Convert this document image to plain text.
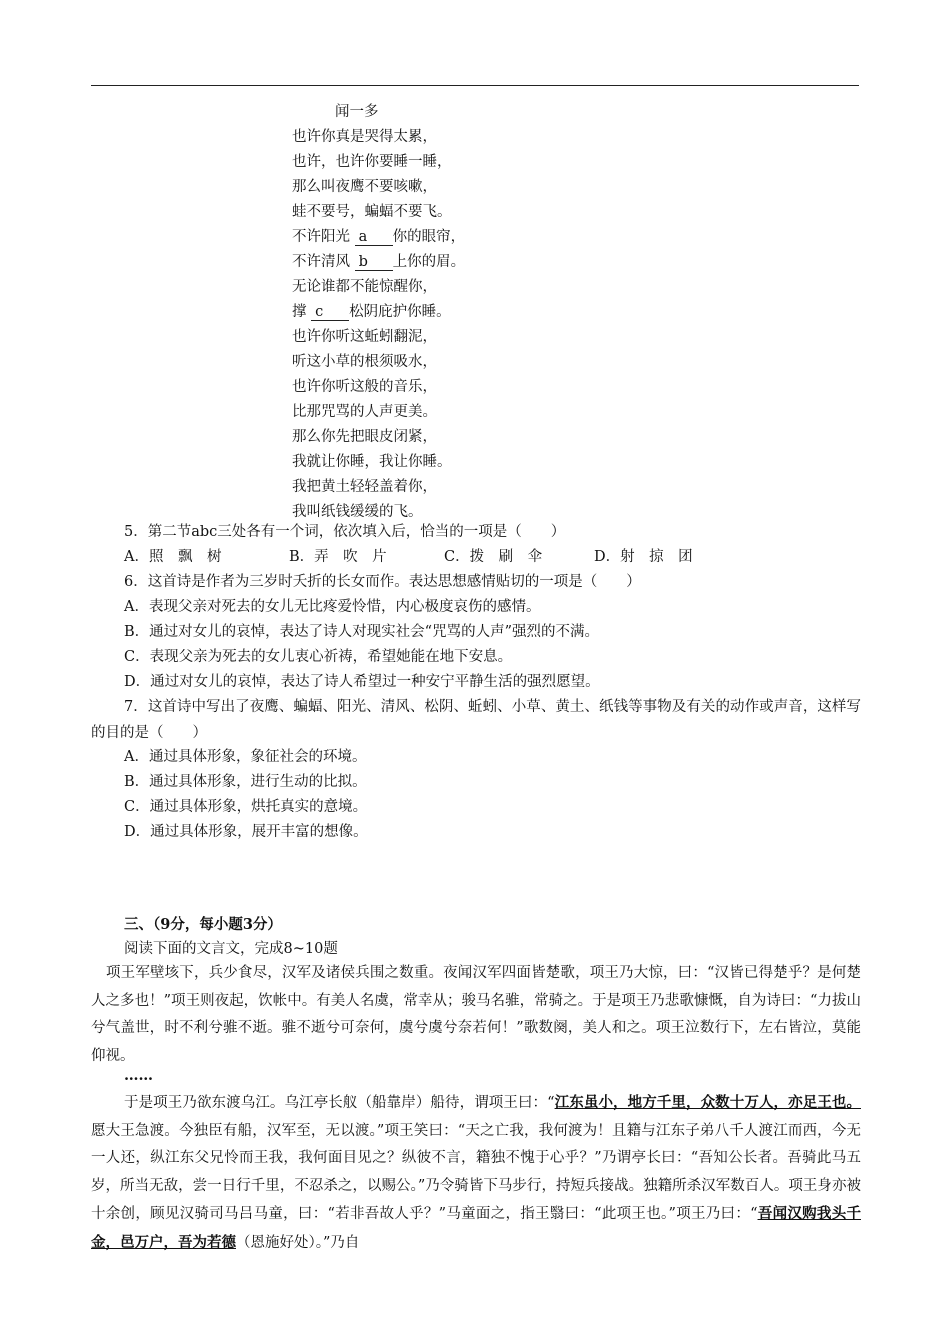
闻一多
也许你真是哭得太累，
也许，也许你要睡一睡，
那么叫夜鹰不要咳嗽，
蛙不要号，蝙蝠不要飞。
不许阳光 a 你的眼帘，
不许清风 b 上你的眉。
无论谁都不能惊醒你，
撑 c 松阴庇护你睡。
也许你听这蚯蚓翻泥，
听这小草的根须吸水，
也许你听这般的音乐，
比那咒骂的人声更美。
那么你先把眼皮闭紧，
我就让你睡，我让你睡。
我把黄土轻轻盖着你，
我叫纸钱缓缓的飞。
5．第二节abc三处各有一个词，依次填入后，恰当的一项是（　　）
A．照　飘　树	B．弄　吹　片	C．拨　刷　伞	D．射　掠　团
6．这首诗是作者为三岁时夭折的长女而作。表达思想感情贴切的一项是（　　）
A．表现父亲对死去的女儿无比疼爱怜惜，内心极度哀伤的感情。
B．通过对女儿的哀悼，表达了诗人对现实社会“咒骂的人声”强烈的不满。
C．表现父亲为死去的女儿衷心祈祷，希望她能在地下安息。
D．通过对女儿的哀悼，表达了诗人希望过一种安宁平静生活的强烈愿望。
7．这首诗中写出了夜鹰、蝙蝠、阳光、清风、松阴、蚯蚓、小草、黄土、纸钱等事物及有关的动作或声音，这样写的目的是（　　）
A．通过具体形象，象征社会的环境。
B．通过具体形象，进行生动的比拟。
C．通过具体形象，烘托真实的意境。
D．通过具体形象，展开丰富的想像。
三、（9分，每小题3分）
阅读下面的文言文，完成8~10题
项王军壁垓下，兵少食尽，汉军及诸侯兵围之数重。夜闻汉军四面皆楚歌，项王乃大惊，曰：“汉皆已得楚乎？是何楚人之多也！”项王则夜起，饮帐中。有美人名虞，常幸从；骏马名骓，常骑之。于是项王乃悲歌慷慨，自为诗曰：“力拔山兮气盖世，时不利兮骓不逝。骓不逝兮可奈何，虞兮虞兮奈若何！”歌数阕，美人和之。项王泣数行下，左右皆泣，莫能仰视。
……
于是项王乃欲东渡乌江。乌江亭长舣（船靠岸）船待，谓项王曰：“江东虽小，地方千里，众数十万人，亦足王也。愿大王急渡。今独臣有船，汉军至，无以渡。”项王笑曰：“天之亡我，我何渡为！且籍与江东子弟八千人渡江而西，今无一人还，纵江东父兄怜而王我，我何面目见之？纵彼不言，籍独不愧于心乎？”乃谓亭长曰：“吾知公长者。吾骑此马五岁，所当无敌，尝一日行千里，不忍杀之，以赐公。”乃令骑皆下马步行，持短兵接战。独籍所杀汉军数百人。项王身亦被十余创，顾见汉骑司马吕马童，曰：“若非吾故人乎？”马童面之，指王翳曰：“此项王也。”项王乃曰：“吾闻汉购我头千金，邑万户，吾为若德（恩施好处）。”乃自
